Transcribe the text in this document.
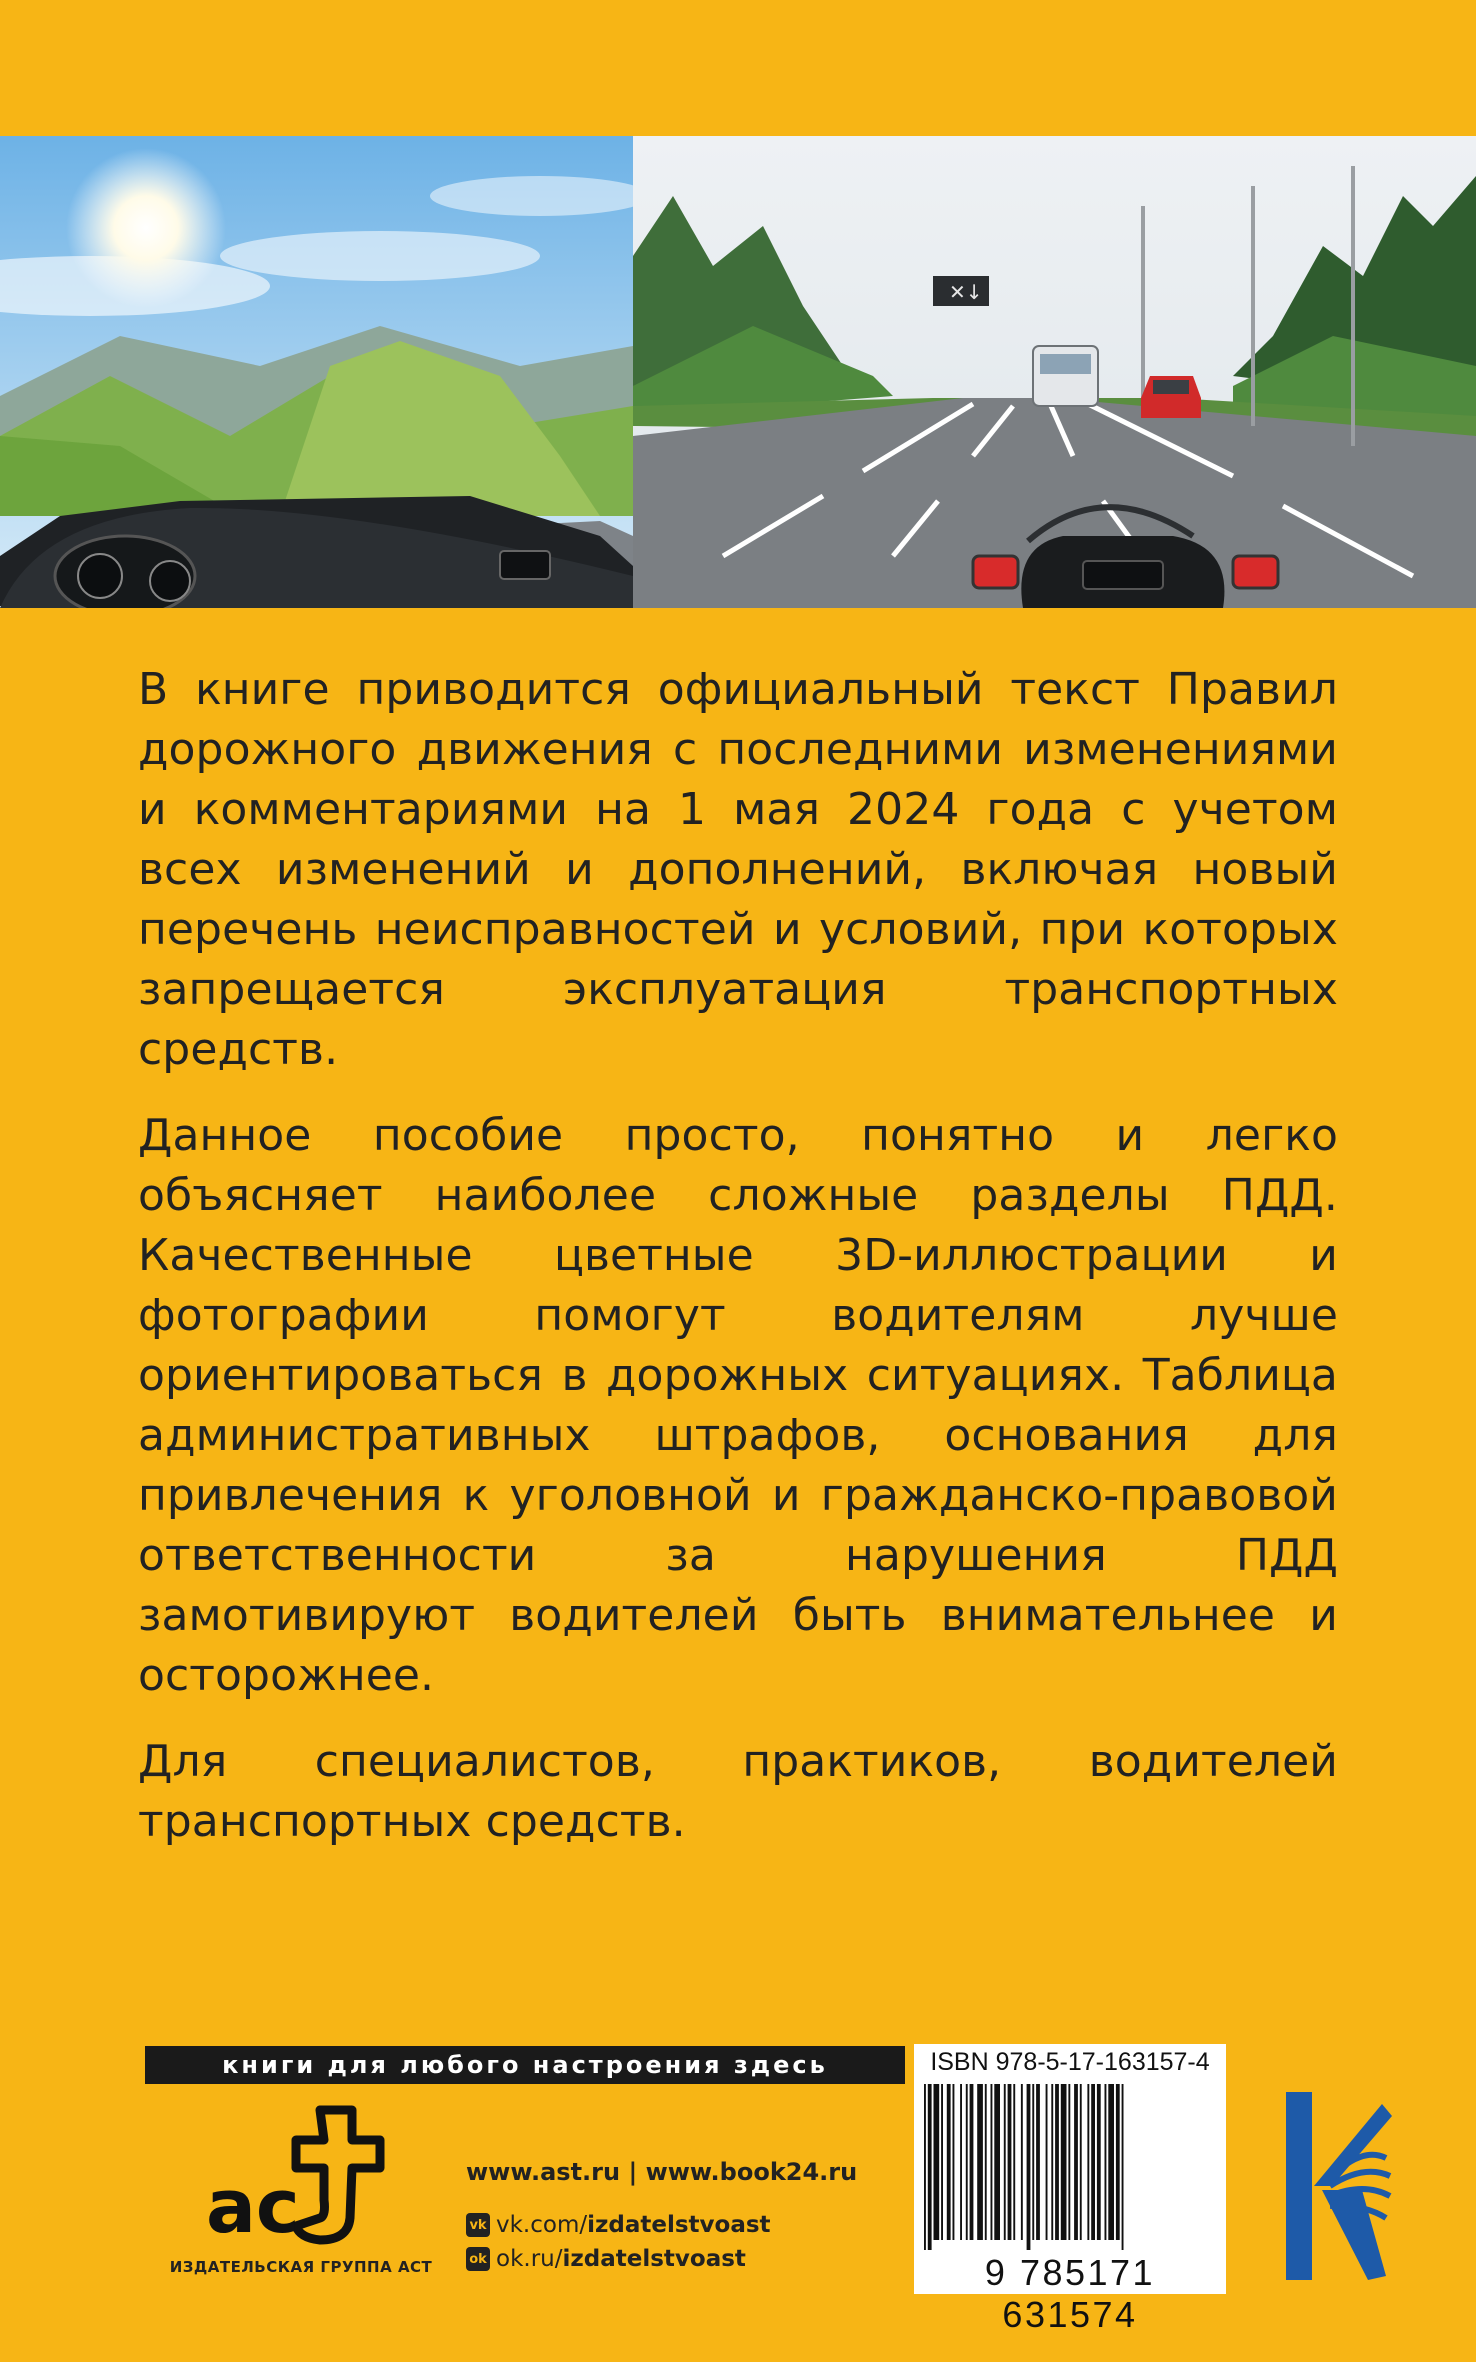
✕↓

В книге приводится официальный текст Правил дорожного движения с последними изменениями и комментариями на 1 мая 2024 года с учетом всех изменений и дополнений, включая новый перечень неисправностей и условий, при которых запрещается эксплуатация транспортных средств.

Данное пособие просто, понятно и легко объясняет наиболее сложные разделы ПДД. Качественные цветные 3D-иллюстрации и фотографии помогут водителям лучше ориентироваться в дорожных ситуациях. Таблица административных штрафов, основания для привлечения к уголовной и гражданско-правовой ответственности за нарушения ПДД замотивируют водителей быть внимательнее и осторожнее.

Для специалистов, практиков, водителей транспортных средств.

книги для любого настроения здесь
ас
ИЗДАТЕЛЬСКАЯ ГРУППА АСТ
www.ast.ru | www.book24.ru
vk vk.com/ izdatelstvoast
ok ok.ru/ izdatelstvoast
ISBN 978-5-17-163157-4
9 785171 631574
